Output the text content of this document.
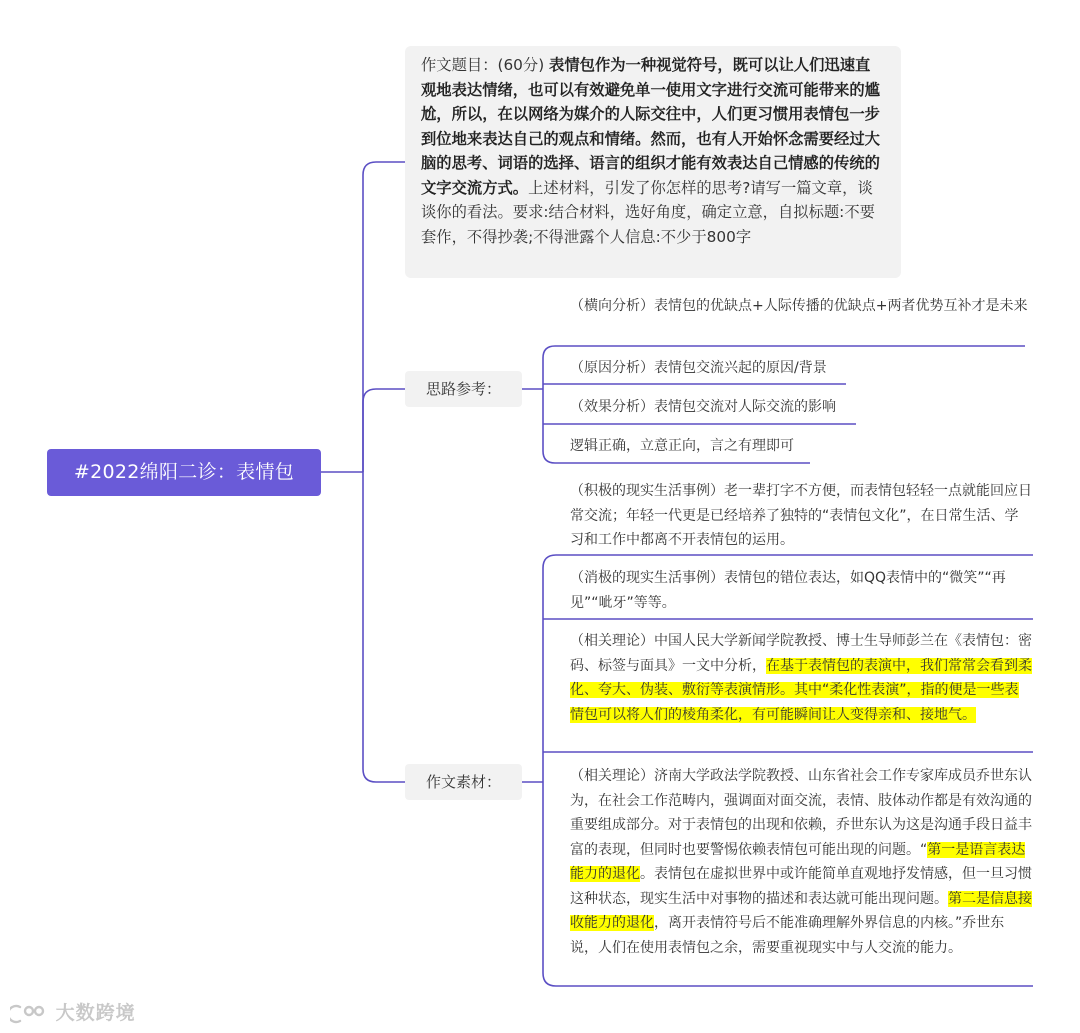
#2022绵阳二诊：表情包
作文题目：(60分) 表情包作为一种视觉符号，既可以让人们迅速直观地表达情绪，也可以有效避免单一使用文字进行交流可能带来的尴尬，所以，在以网络为媒介的人际交往中，人们更习惯用表情包一步到位地来表达自己的观点和情绪。然而，也有人开始怀念需要经过大脑的思考、词语的选择、语言的组织才能有效表达自己情感的传统的文字交流方式。上述材料，引发了你怎样的思考?请写一篇文章，谈谈你的看法。要求:结合材料，选好角度，确定立意，自拟标题:不要套作，不得抄袭;不得泄露个人信息:不少于800字
思路参考：
（横向分析）表情包的优缺点+人际传播的优缺点+两者优势互补才是未来
（原因分析）表情包交流兴起的原因/背景
（效果分析）表情包交流对人际交流的影响
逻辑正确，立意正向，言之有理即可
作文素材：
（积极的现实生活事例）老一辈打字不方便，而表情包轻轻一点就能回应日常交流；年轻一代更是已经培养了独特的“表情包文化”，在日常生活、学习和工作中都离不开表情包的运用。
（消极的现实生活事例）表情包的错位表达，如QQ表情中的“微笑”“再见”“呲牙”等等。
（相关理论）中国人民大学新闻学院教授、博士生导师彭兰在《表情包：密码、标签与面具》一文中分析，在基于表情包的表演中，我们常常会看到柔化、夸大、伪装、敷衍等表演情形。其中“柔化性表演”，指的便是一些表情包可以将人们的棱角柔化，有可能瞬间让人变得亲和、接地气。
（相关理论）济南大学政法学院教授、山东省社会工作专家库成员乔世东认为，在社会工作范畴内，强调面对面交流，表情、肢体动作都是有效沟通的重要组成部分。对于表情包的出现和依赖，乔世东认为这是沟通手段日益丰富的表现，但同时也要警惕依赖表情包可能出现的问题。“第一是语言表达能力的退化。表情包在虚拟世界中或许能简单直观地抒发情感，但一旦习惯这种状态，现实生活中对事物的描述和表达就可能出现问题。第二是信息接收能力的退化，离开表情符号后不能准确理解外界信息的内核。”乔世东说，人们在使用表情包之余，需要重视现实中与人交流的能力。
大数跨境
